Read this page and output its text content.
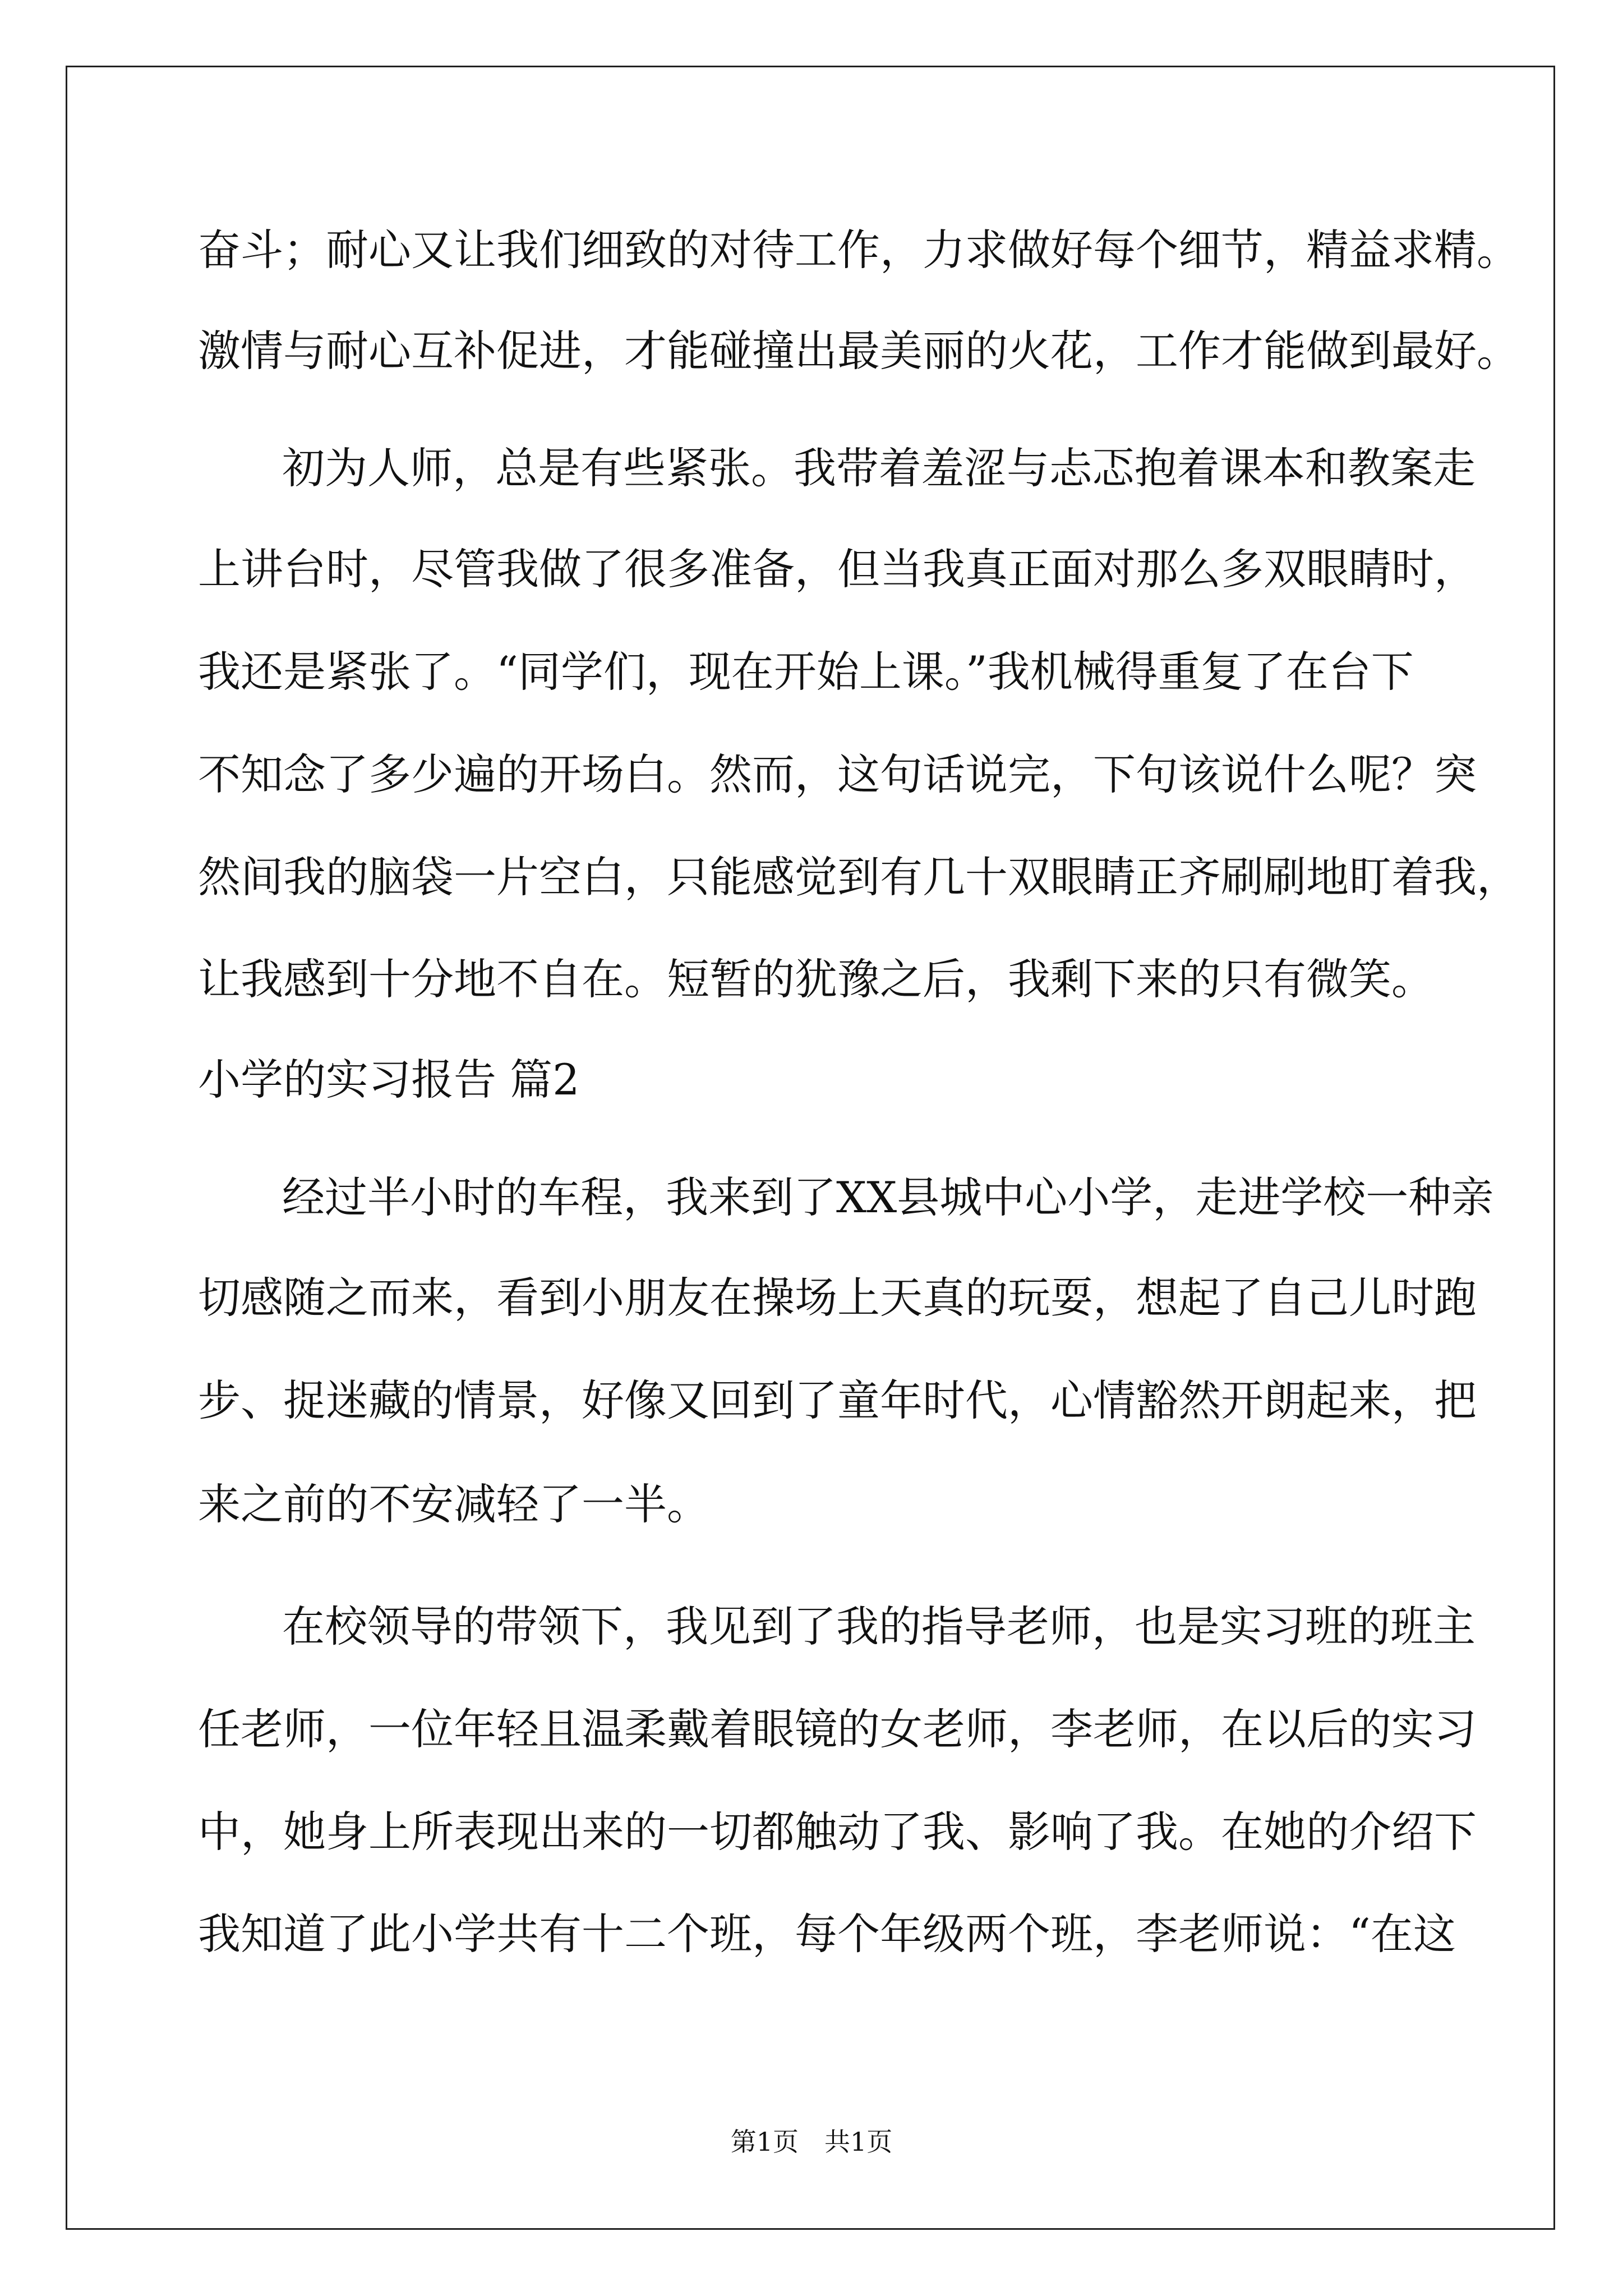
奋斗；耐心又让我们细致的对待工作，力求做好每个细节，精益求精。
激情与耐心互补促进，才能碰撞出最美丽的火花，工作才能做到最好。
初为人师，总是有些紧张。我带着羞涩与忐忑抱着课本和教案走
上讲台时，尽管我做了很多准备，但当我真正面对那么多双眼睛时，
我还是紧张了。“同学们，现在开始上课。”我机械得重复了在台下
不知念了多少遍的开场白。然而，这句话说完，下句该说什么呢？突
然间我的脑袋一片空白，只能感觉到有几十双眼睛正齐刷刷地盯着我，
让我感到十分地不自在。短暂的犹豫之后，我剩下来的只有微笑。
小学的实习报告 篇2
经过半小时的车程，我来到了XX县城中心小学，走进学校一种亲
切感随之而来，看到小朋友在操场上天真的玩耍，想起了自己儿时跑
步、捉迷藏的情景，好像又回到了童年时代，心情豁然开朗起来，把
来之前的不安减轻了一半。
在校领导的带领下，我见到了我的指导老师，也是实习班的班主
任老师，一位年轻且温柔戴着眼镜的女老师，李老师，在以后的实习
中，她身上所表现出来的一切都触动了我、影响了我。在她的介绍下
我知道了此小学共有十二个班，每个年级两个班，李老师说：“在这
第1页　共1页
